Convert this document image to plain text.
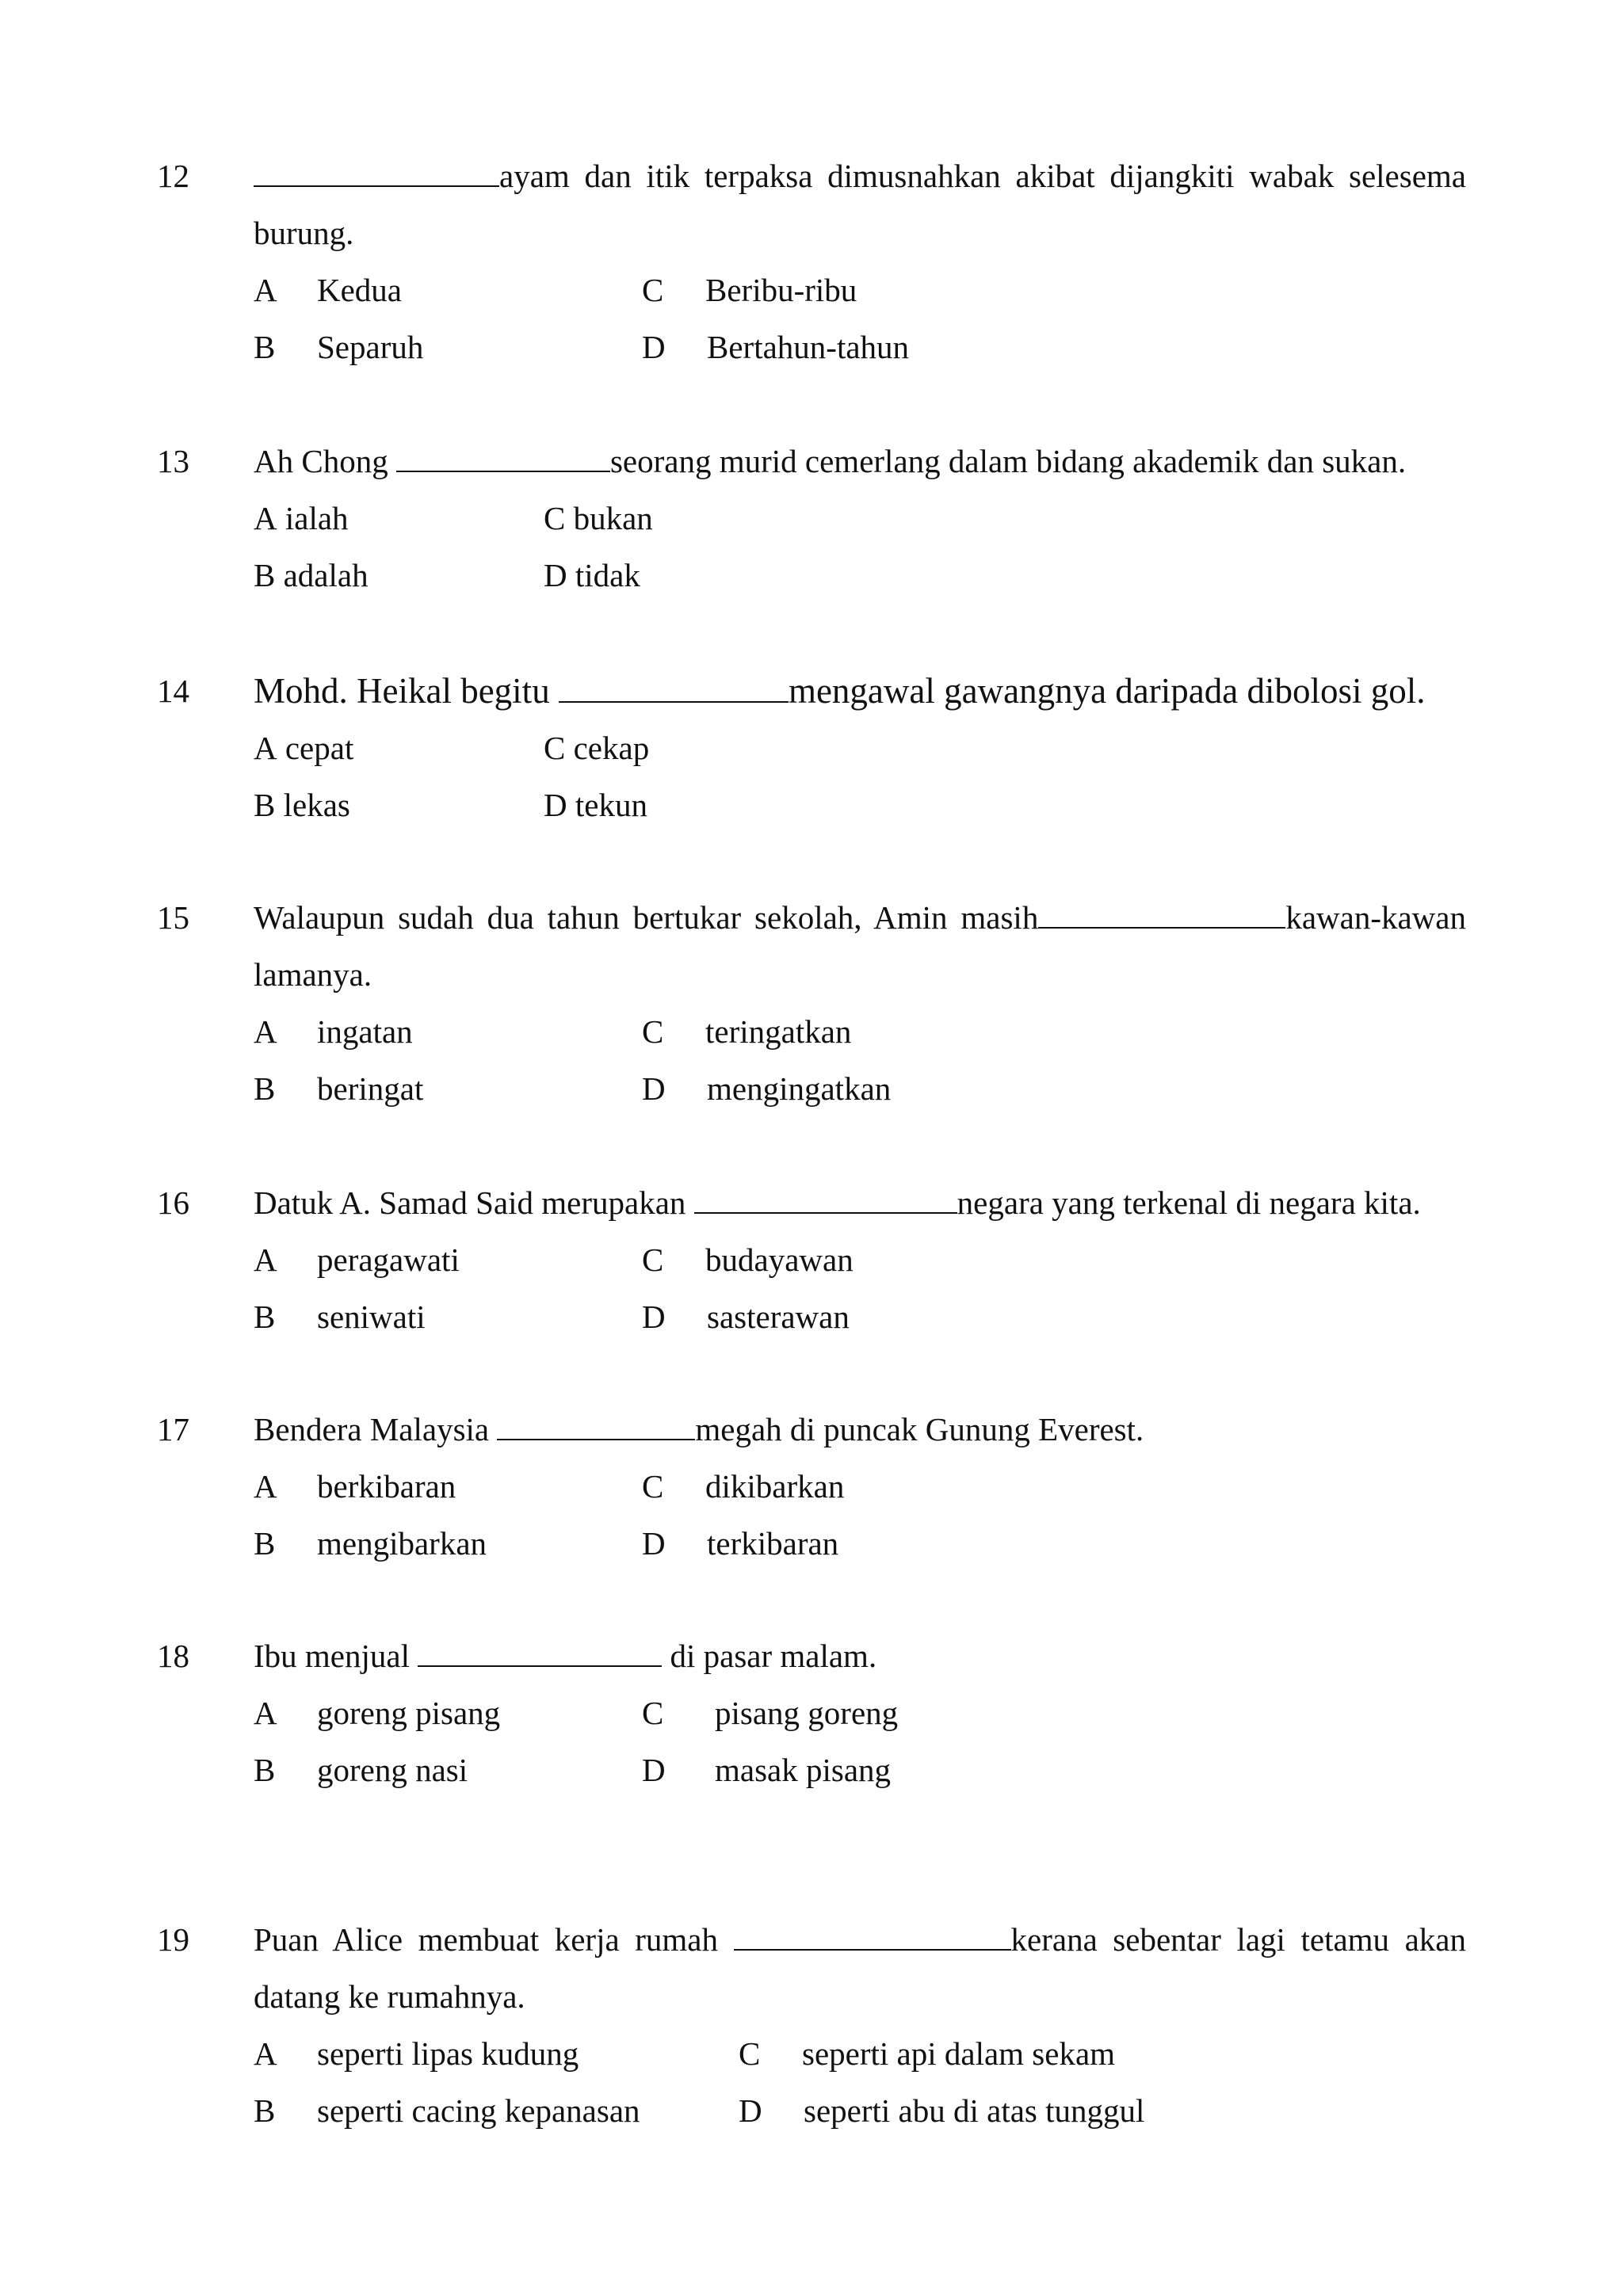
12	ayam dan itik terpaksa dimusnahkan akibat dijangkiti wabak selesema burung.
A Kedua
B Separuh
C Beribu-ribu
D Bertahun-tahun
13 Ah Chong	seorang murid cemerlang dalam bidang akademik dan sukan.
A ialah
B adalah
C bukan
D tidak
14 Mohd. Heikal begitu	mengawal gawangnya daripada dibolosi gol.
A cepat
B lekas
C cekap
D tekun
15 Walaupun sudah dua tahun bertukar sekolah, Amin masih	kawan-kawan lamanya.
A ingatan
B beringat
C teringatkan
D mengingatkan
16 Datuk A. Samad Said merupakan	negara yang terkenal di negara kita.
A peragawati
B seniwati
C budayawan
D sasterawan
17 Bendera Malaysia	megah di puncak Gunung Everest.
A berkibaran
B mengibarkan
C dikibarkan
D terkibaran
18 Ibu menjual	di pasar malam.
A goreng pisang
B goreng nasi
C pisang goreng
D masak pisang
19 Puan Alice membuat kerja rumah	kerana sebentar lagi tetamu akan datang ke rumahnya.
A seperti lipas kudung
B seperti cacing kepanasan
C seperti api dalam sekam
D seperti abu di atas tunggul
